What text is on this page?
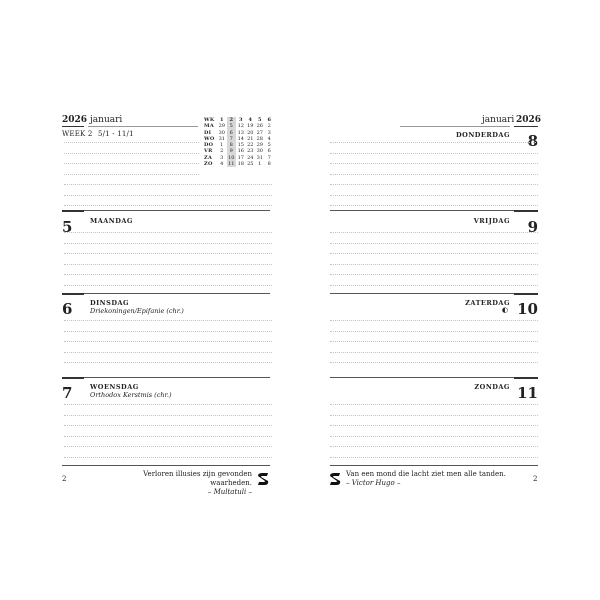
2026 januari
WEEK 2 5/1 - 11/1
WK	1	2	3	4	5	6
MA 29 5 12 19 26 2
DI	30 6 13 20 27 3
WO 31 7 14 21 28 4
DO	1	8 15 22 29 5
VR	2	9 16 23 30 6
ZA	3 10 17 24 31 7
ZO	4 11 18 25 1	8
5	MAANDAG
6	DINSDAG
Driekoningen/Epifanie (chr.)
7	WOENSDAG
Orthodox Kerstmis (chr.)
2
Verloren illusies zijn gevonden waarheden.
– Multatuli –
januari 2026
DONDERDAG 8
VRIJDAG 9
ZATERDAG
◐ 10
ZONDAG 11
Van een mond die lacht ziet men alle tanden.
– Victor Hugo –	2
